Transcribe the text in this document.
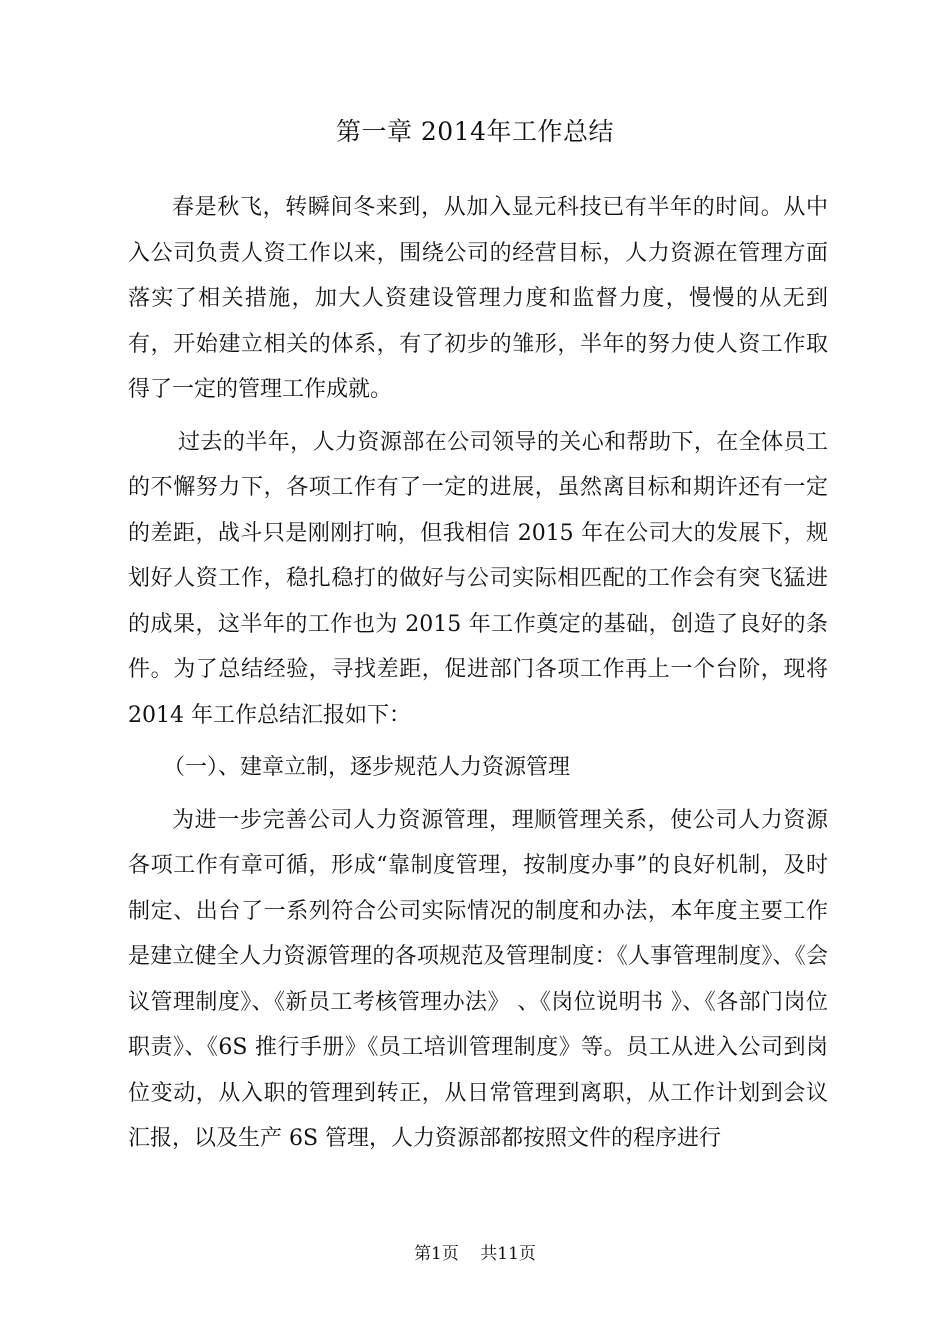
第一章 2014年工作总结

春是秋飞，转瞬间冬来到，从加入显元科技已有半年的时间。从中入公司负责人资工作以来，围绕公司的经营目标，人力资源在管理方面落实了相关措施，加大人资建设管理力度和监督力度，慢慢的从无到有，开始建立相关的体系，有了初步的雏形，半年的努力使人资工作取得了一定的管理工作成就。

过去的半年，人力资源部在公司领导的关心和帮助下，在全体员工的不懈努力下，各项工作有了一定的进展，虽然离目标和期许还有一定的差距，战斗只是刚刚打响，但我相信 2015 年在公司大的发展下，规划好人资工作，稳扎稳打的做好与公司实际相匹配的工作会有突飞猛进的成果，这半年的工作也为 2015 年工作奠定的基础，创造了良好的条件。为了总结经验，寻找差距，促进部门各项工作再上一个台阶，现将 2014 年工作总结汇报如下：

（一）、建章立制，逐步规范人力资源管理

为进一步完善公司人力资源管理，理顺管理关系，使公司人力资源各项工作有章可循，形成“靠制度管理，按制度办事”的良好机制，及时制定、出台了一系列符合公司实际情况的制度和办法，本年度主要工作是建立健全人力资源管理的各项规范及管理制度：《人事管理制度》、《会议管理制度》、《新员工考核管理办法》 、《岗位说明书 》、《各部门岗位职责》、《6S 推行手册》《员工培训管理制度》等。员工从进入公司到岗位变动，从入职的管理到转正，从日常管理到离职，从工作计划到会议汇报，以及生产 6S 管理，人力资源部都按照文件的程序进行

第1页 共11页
